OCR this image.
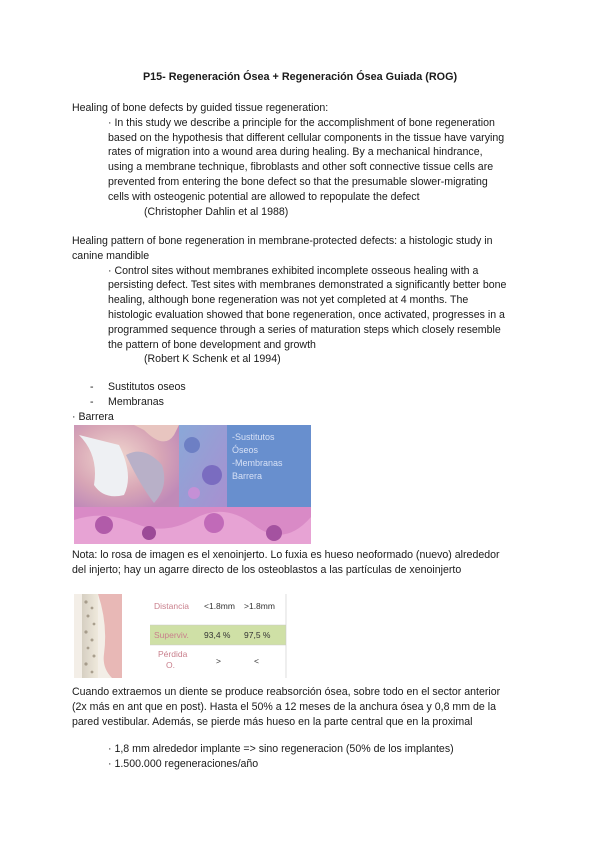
P15- Regeneración Ósea + Regeneración Ósea Guiada (ROG)
Healing of bone defects by guided tissue regeneration:
· In this study we describe a principle for the accomplishment of bone regeneration
based on the hypothesis that different cellular components in the tissue have varying
rates of migration into a wound area during healing. By a mechanical hindrance,
using a membrane technique, fibroblasts and other soft connective tissue cells are
prevented from entering the bone defect so that the presumable slower-migrating
cells with osteogenic potential are allowed to repopulate the defect
(Christopher Dahlin et al 1988)
Healing pattern of bone regeneration in membrane-protected defects: a histologic study in
canine mandible
· Control sites without membranes exhibited incomplete osseous healing with a
persisting defect. Test sites with membranes demonstrated a significantly better bone
healing, although bone regeneration was not yet completed at 4 months. The
histologic evaluation showed that bone regeneration, once activated, progresses in a
programmed sequence through a series of maturation steps which closely resemble
the pattern of bone development and growth
(Robert K Schenk et al 1994)
- Sustitutos oseos
- Membranas
· Barrera
-Sustitutos
Óseos
-Membranas
Barrera
Nota: lo rosa de imagen es el xenoinjerto. Lo fuxia es hueso neoformado (nuevo) alrededor
del injerto; hay un agarre directo de los osteoblastos a las partículas de xenoinjerto
Distancia <1.8mm >1.8mm
Superviv. 93,4 % 97,5 %
Pérdida
O.	>	<
Cuando extraemos un diente se produce reabsorción ósea, sobre todo en el sector anterior
(2x más en ant que en post). Hasta el 50% a 12 meses de la anchura ósea y 0,8 mm de la
pared vestibular. Además, se pierde más hueso en la parte central que en la proximal
· 1,8 mm alrededor implante => sino regeneracion (50% de los implantes)
· 1.500.000 regeneraciones/año
